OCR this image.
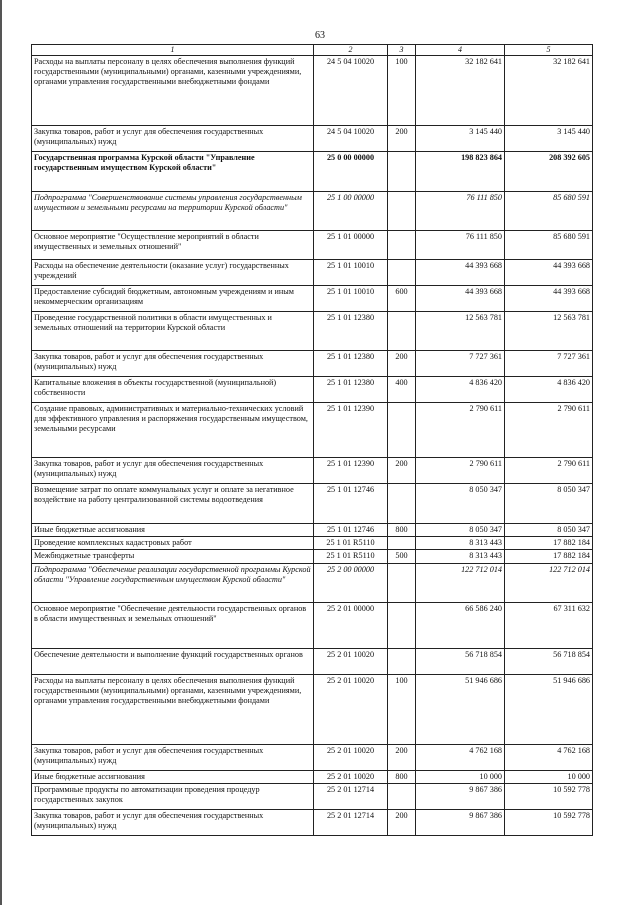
63
1	2	3	4	5
Расходы на выплаты персоналу в целях обеспечения выполнения функций государственными (муниципальными) органами, казенными учреждениями, органами управления государственными внебюджетными фондами	24 5 04 10020	100	32 182 641	32 182 641
Закупка товаров, работ и услуг для обеспечения государственных (муниципальных) нужд	24 5 04 10020	200	3 145 440	3 145 440
Государственная программа Курской области "Управление государственным имуществом Курской области"	25 0 00 00000		198 823 864	208 392 605
Подпрограмма "Совершенствование системы управления государственным имуществом и земельными ресурсами на территории Курской области"	25 1 00 00000		76 111 850	85 680 591
Основное мероприятие "Осуществление мероприятий в области имущественных и земельных отношений"	25 1 01 00000		76 111 850	85 680 591
Расходы на обеспечение деятельности (оказание услуг) государственных учреждений	25 1 01 10010		44 393 668	44 393 668
Предоставление субсидий бюджетным, автономным учреждениям и иным некоммерческим организациям	25 1 01 10010	600	44 393 668	44 393 668
Проведение государственной политики в области имущественных и земельных отношений на территории Курской области	25 1 01 12380		12 563 781	12 563 781
Закупка товаров, работ и услуг для обеспечения государственных (муниципальных) нужд	25 1 01 12380	200	7 727 361	7 727 361
Капитальные вложения в объекты государственной (муниципальной) собственности	25 1 01 12380	400	4 836 420	4 836 420
Создание правовых, административных и материально-технических условий для эффективного управления и распоряжения государственным имуществом, земельными ресурсами	25 1 01 12390		2 790 611	2 790 611
Закупка товаров, работ и услуг для обеспечения государственных (муниципальных) нужд	25 1 01 12390	200	2 790 611	2 790 611
Возмещение затрат по оплате коммунальных услуг и оплате за негативное воздействие на работу централизованной системы водоотведения	25 1 01 12746		8 050 347	8 050 347
Иные бюджетные ассигнования	25 1 01 12746	800	8 050 347	8 050 347
Проведение комплексных кадастровых работ	25 1 01 R5110		8 313 443	17 882 184
Межбюджетные трансферты	25 1 01 R5110	500	8 313 443	17 882 184
Подпрограмма "Обеспечение реализации государственной программы Курской области "Управление государственным имуществом Курской области"	25 2 00 00000		122 712 014	122 712 014
Основное мероприятие "Обеспечение деятельности государственных органов в области имущественных и земельных отношений"	25 2 01 00000		66 586 240	67 311 632
Обеспечение деятельности и выполнение функций государственных органов	25 2 01 10020		56 718 854	56 718 854
Расходы на выплаты персоналу в целях обеспечения выполнения функций государственными (муниципальными) органами, казенными учреждениями, органами управления государственными внебюджетными фондами	25 2 01 10020	100	51 946 686	51 946 686
Закупка товаров, работ и услуг для обеспечения государственных (муниципальных) нужд	25 2 01 10020	200	4 762 168	4 762 168
Иные бюджетные ассигнования	25 2 01 10020	800	10 000	10 000
Программные продукты по автоматизации проведения процедур государственных закупок	25 2 01 12714		9 867 386	10 592 778
Закупка товаров, работ и услуг для обеспечения государственных (муниципальных) нужд	25 2 01 12714	200	9 867 386	10 592 778
